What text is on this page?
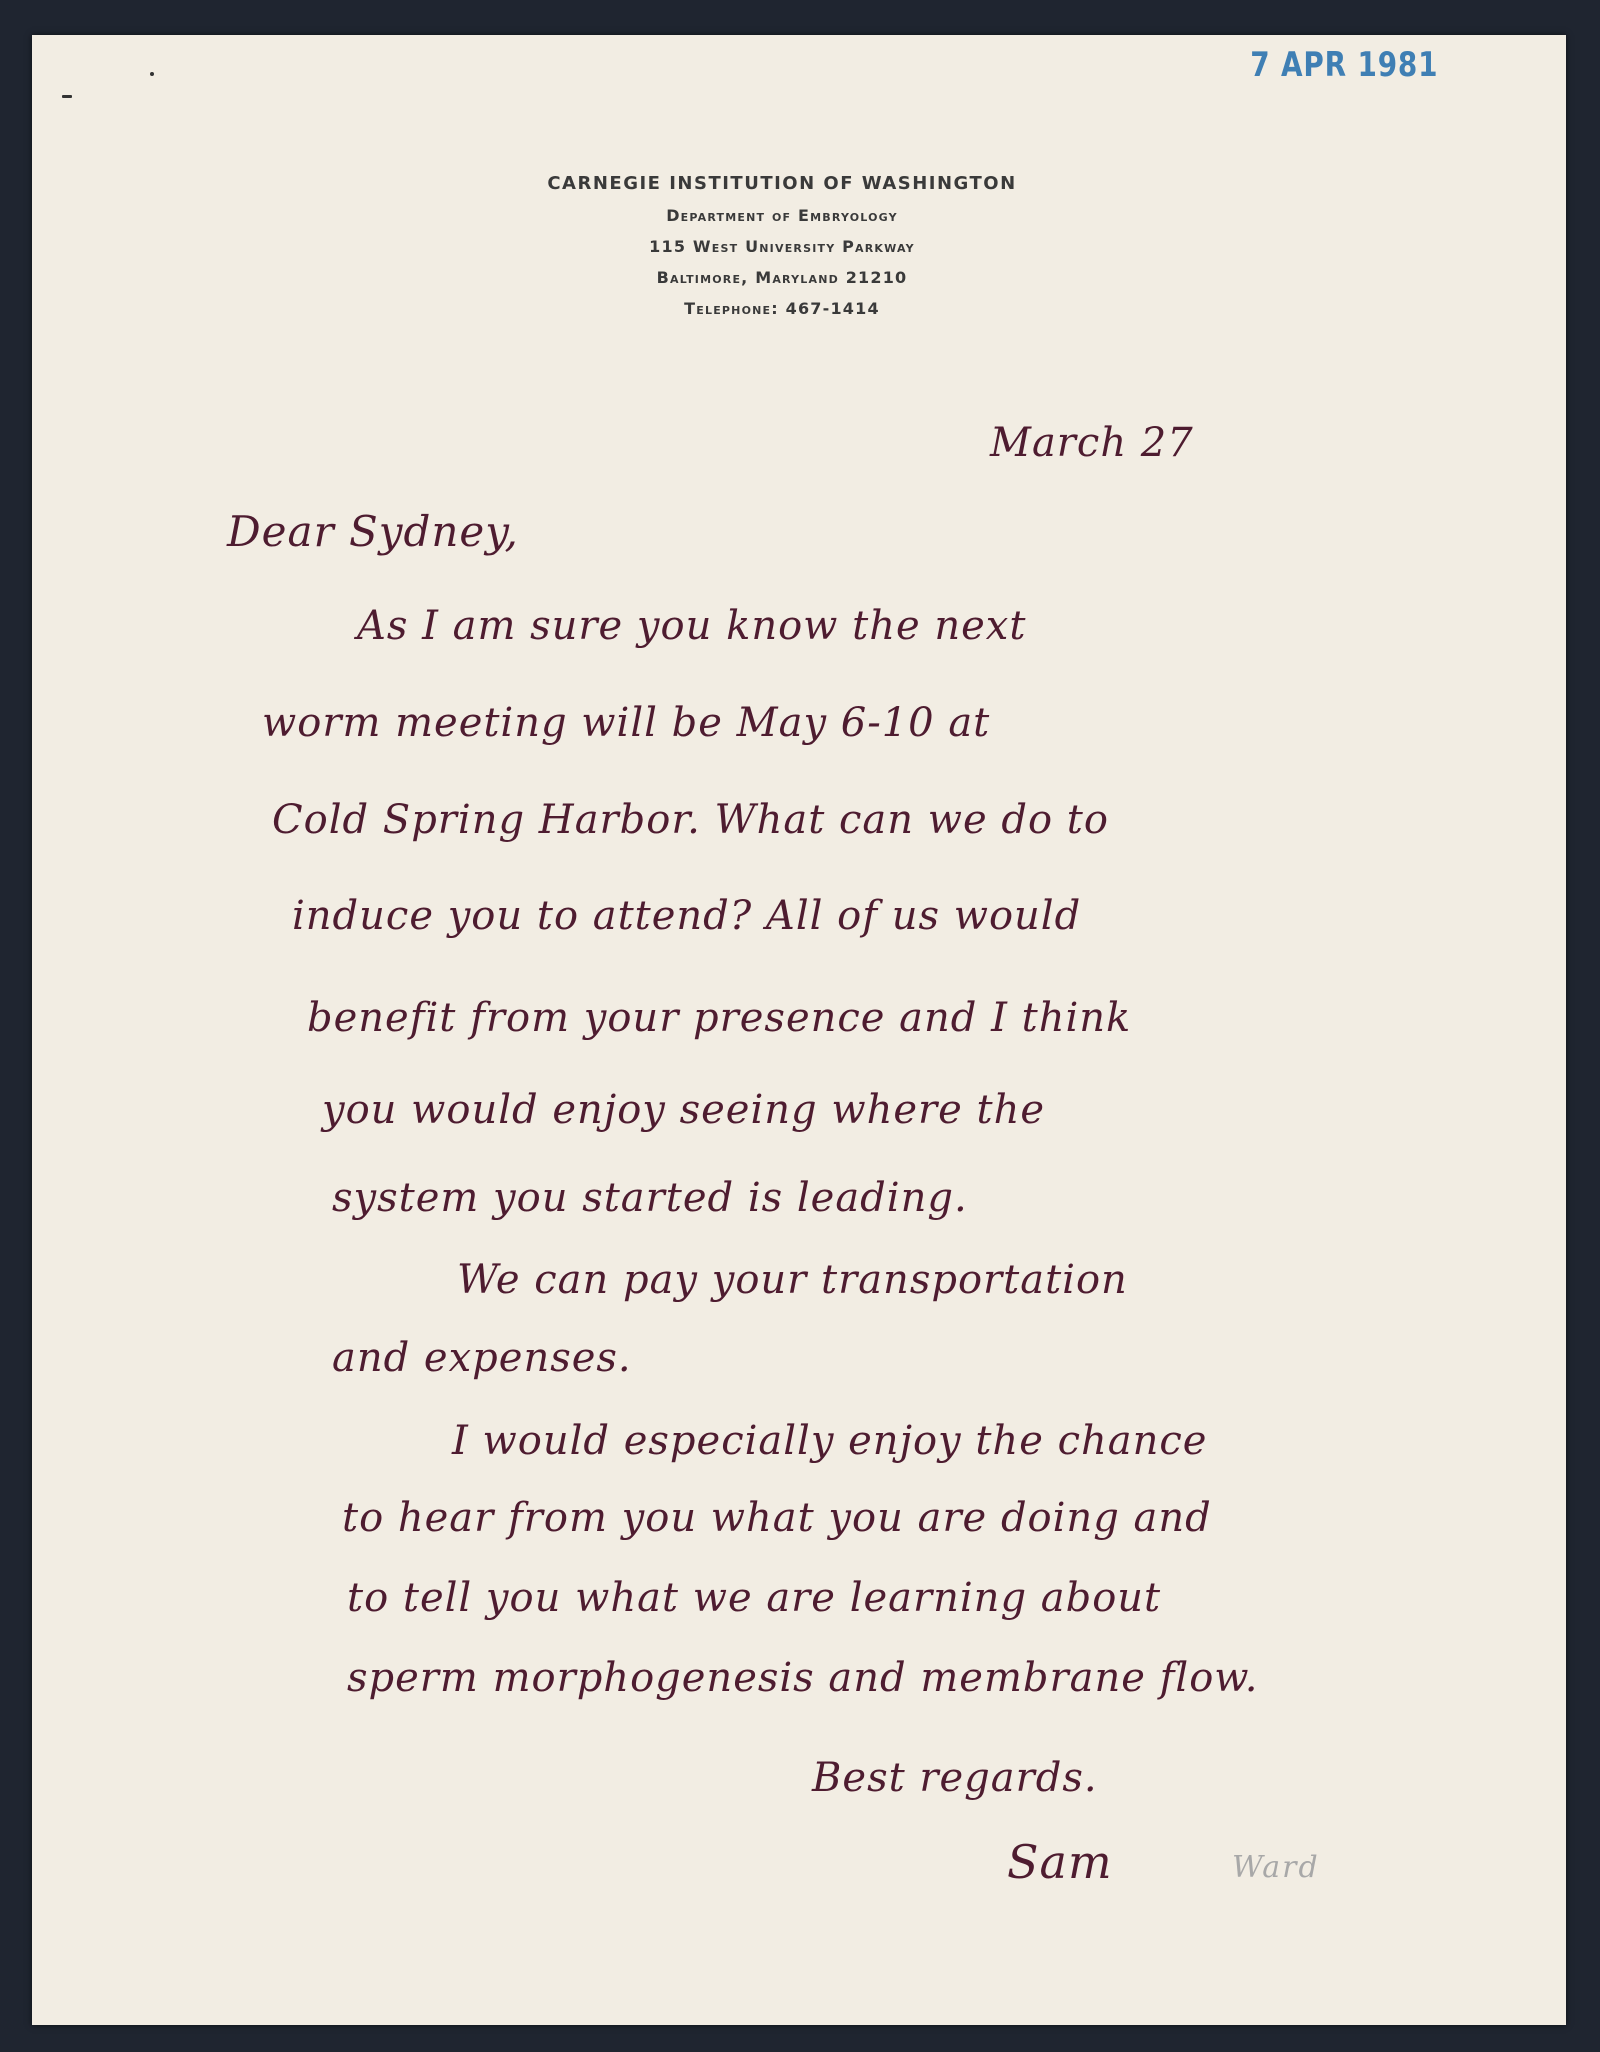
7 APR 1981
CARNEGIE INSTITUTION OF WASHINGTON
Department of Embryology
115 West University Parkway
Baltimore, Maryland 21210
Telephone: 467-1414
March 27
Dear Sydney,
As I am sure you know the next
worm meeting will be May 6-10 at
Cold Spring Harbor. What can we do to
induce you to attend? All of us would
benefit from your presence and I think
you would enjoy seeing where the
system you started is leading.
We can pay your transportation
and expenses.
I would especially enjoy the chance
to hear from you what you are doing and
to tell you what we are learning about
sperm morphogenesis and membrane flow.
Best regards.
Sam	Ward
